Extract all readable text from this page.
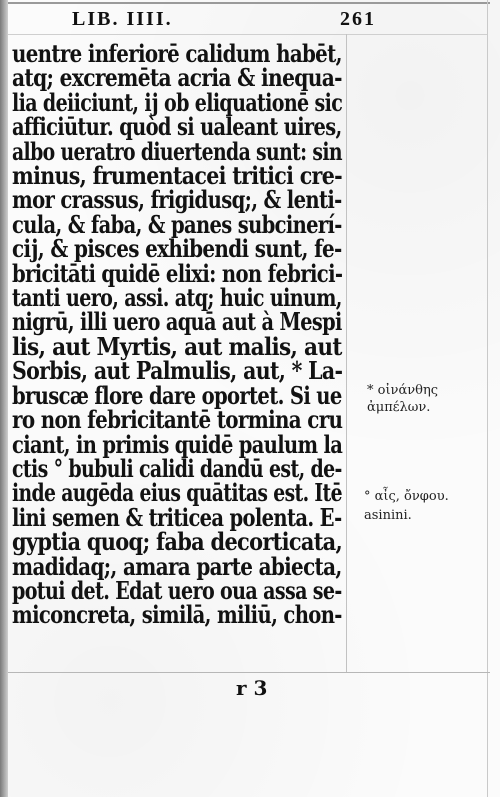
LIB. IIII.	261
uentre inferiorē calidum habēt,
atq; excremēta acria & inequa-
lia deiiciunt, ĳ ob eliquationē sic
afficiūtur. quòd si ualeant uires,
albo ueratro diuertenda sunt: sin
minus, frumentacei tritici cre-
mor crassus, frigidusq;, & lenti-
cula, & faba, & panes subcinerí-
cĳ, & pisces exhibendi sunt, fe-
bricitāti quidē elixi: non febrici-
tanti uero, assi. atq; huic uinum,
nigrū, illi uero aquā aut à Mespi
lis, aut Myrtis, aut malis, aut
Sorbis, aut Palmulis, aut, * La-
bruscæ flore dare oportet. Si ue
ro non febricitantē tormina cru
ciant, in primis quidē paulum la
ctis ° bubuli calidi dandū est, de-
inde augēda eius quātitas est. Itē
lini semen & triticea polenta. E-
gyptia quoq; faba decorticata,
madidaq;, amara parte abiecta,
potui det. Edat uero oua assa se-
miconcreta, similā, miliū, chon-
* οἰνάνθης
ἀμπέλων.
° αἶς, ὄνφου.
asinini.
r 3
